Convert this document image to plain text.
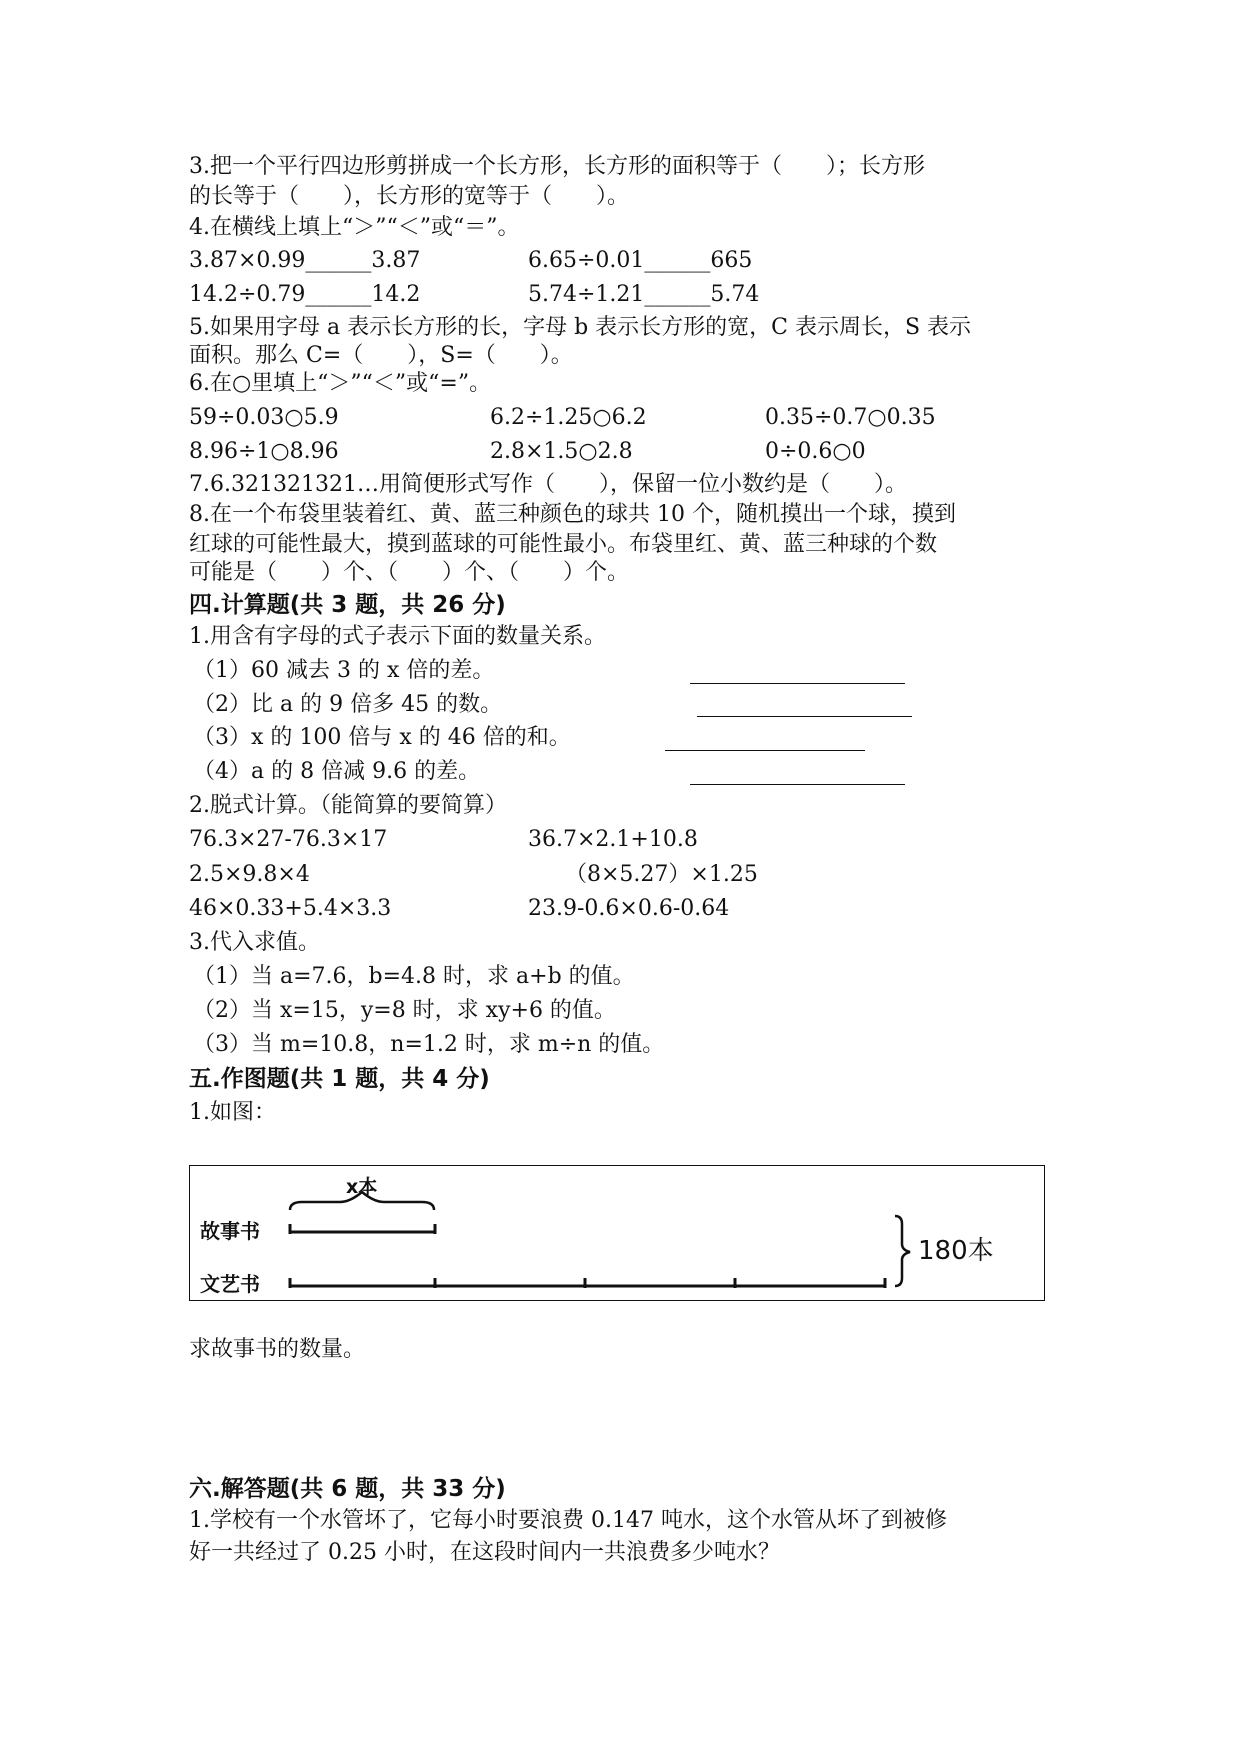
3.把一个平行四边形剪拼成一个长方形，长方形的面积等于（　　）；长方形
的长等于（　　），长方形的宽等于（　　）。
4.在横线上填上“＞”“＜”或“＝”。
3.87×0.99______3.87	6.65÷0.01______665
14.2÷0.79______14.2	5.74÷1.21______5.74
5.如果用字母 a 表示长方形的长，字母 b 表示长方形的宽，C 表示周长，S 表示
面积。那么 C=（　　），S=（　　）。
6.在○里填上“＞”“＜”或“=”。
59÷0.03○5.9	6.2÷1.25○6.2	0.35÷0.7○0.35
8.96÷1○8.96	2.8×1.5○2.8	0÷0.6○0
7.6.321321321…用简便形式写作（　　），保留一位小数约是（　　）。
8.在一个布袋里装着红、黄、蓝三种颜色的球共 10 个，随机摸出一个球，摸到
红球的可能性最大，摸到蓝球的可能性最小。布袋里红、黄、蓝三种球的个数
可能是（　　）个、（　　）个、（　　）个。
四.计算题(共 3 题，共 26 分)
1.用含有字母的式子表示下面的数量关系。
（1）60 减去 3 的 x 倍的差。
（2）比 a 的 9 倍多 45 的数。
（3）x 的 100 倍与 x 的 46 倍的和。
（4）a 的 8 倍减 9.6 的差。
2.脱式计算。（能简算的要简算）
76.3×27-76.3×17	36.7×2.1+10.8
2.5×9.8×4	（8×5.27）×1.25
46×0.33+5.4×3.3	23.9-0.6×0.6-0.64
3.代入求值。
（1）当 a=7.6，b=4.8 时，求 a+b 的值。
（2）当 x=15，y=8 时，求 xy+6 的值。
（3）当 m=10.8，n=1.2 时，求 m÷n 的值。
五.作图题(共 1 题，共 4 分)
1.如图：
x本
故事书
文艺书
180本
求故事书的数量。
六.解答题(共 6 题，共 33 分)
1.学校有一个水管坏了，它每小时要浪费 0.147 吨水，这个水管从坏了到被修
好一共经过了 0.25 小时，在这段时间内一共浪费多少吨水？
